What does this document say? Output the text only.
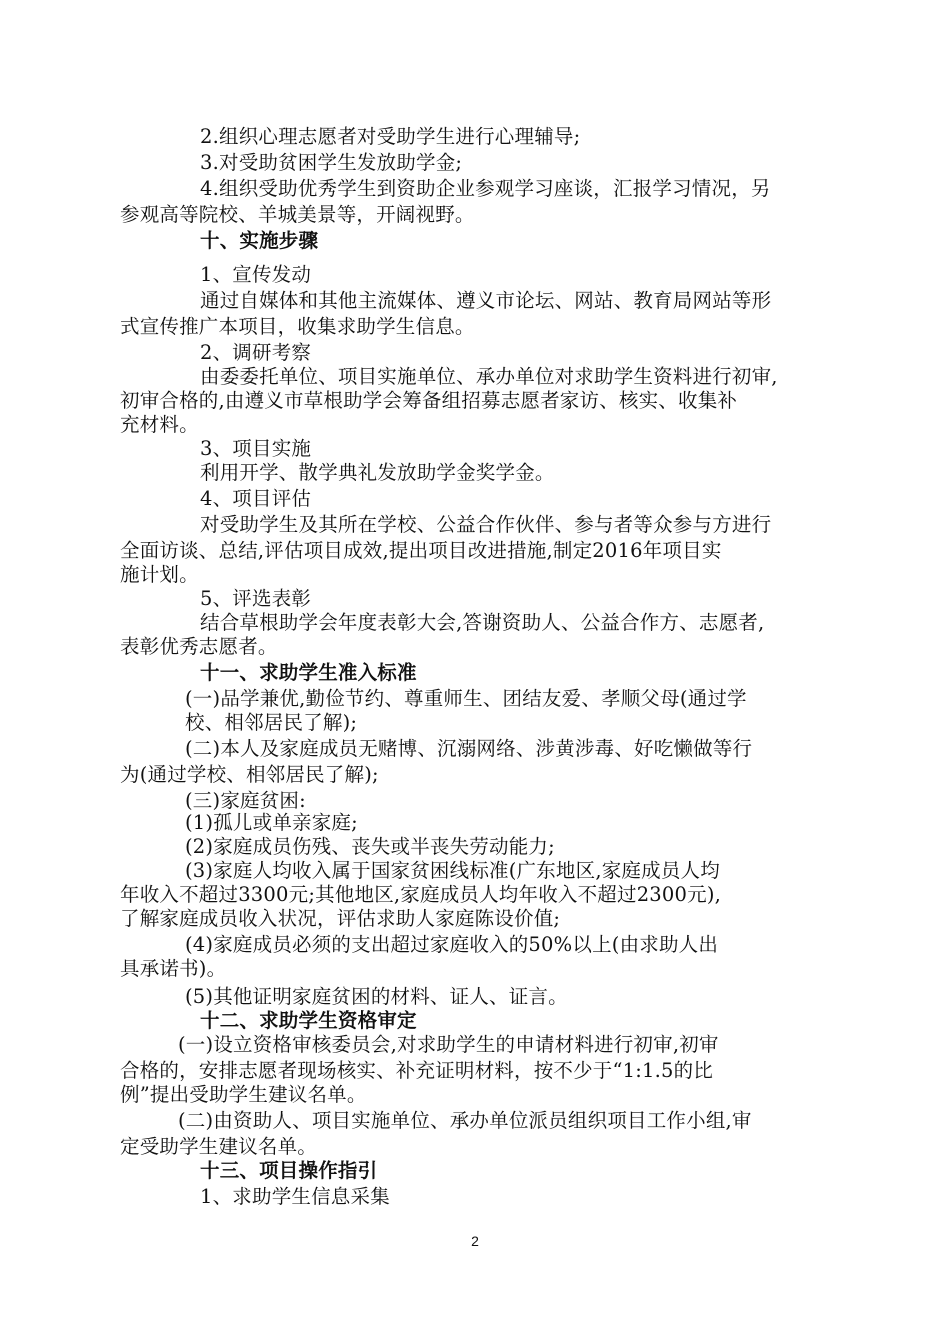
2.组织心理志愿者对受助学生进行心理辅导;
3.对受助贫困学生发放助学金;
4.组织受助优秀学生到资助企业参观学习座谈，汇报学习情况，另
参观高等院校、羊城美景等，开阔视野。
十、实施步骤
1、宣传发动
通过自媒体和其他主流媒体、遵义市论坛、网站、教育局网站等形
式宣传推广本项目，收集求助学生信息。
2、调研考察
由委委托单位、项目实施单位、承办单位对求助学生资料进行初审,
初审合格的,由遵义市草根助学会筹备组招募志愿者家访、核实、收集补
充材料。
3、项目实施
利用开学、散学典礼发放助学金奖学金。
4、项目评估
对受助学生及其所在学校、公益合作伙伴、参与者等众参与方进行
全面访谈、总结,评估项目成效,提出项目改进措施,制定2016年项目实
施计划。
5、评选表彰
结合草根助学会年度表彰大会,答谢资助人、公益合作方、志愿者,
表彰优秀志愿者。
十一、求助学生准入标准
(一)品学兼优,勤俭节约、尊重师生、团结友爱、孝顺父母(通过学
校、相邻居民了解);
(二)本人及家庭成员无赌博、沉溺网络、涉黄涉毒、好吃懒做等行
为(通过学校、相邻居民了解);
(三)家庭贫困:
(1)孤儿或单亲家庭;
(2)家庭成员伤残、丧失或半丧失劳动能力;
(3)家庭人均收入属于国家贫困线标准(广东地区,家庭成员人均
年收入不超过3300元;其他地区,家庭成员人均年收入不超过2300元),
了解家庭成员收入状况，评估求助人家庭陈设价值;
(4)家庭成员必须的支出超过家庭收入的50%以上(由求助人出
具承诺书)。
(5)其他证明家庭贫困的材料、证人、证言。
十二、求助学生资格审定
(一)设立资格审核委员会,对求助学生的申请材料进行初审,初审
合格的，安排志愿者现场核实、补充证明材料，按不少于“1:1.5的比
例”提出受助学生建议名单。
(二)由资助人、项目实施单位、承办单位派员组织项目工作小组,审
定受助学生建议名单。
十三、项目操作指引
1、求助学生信息采集
2
